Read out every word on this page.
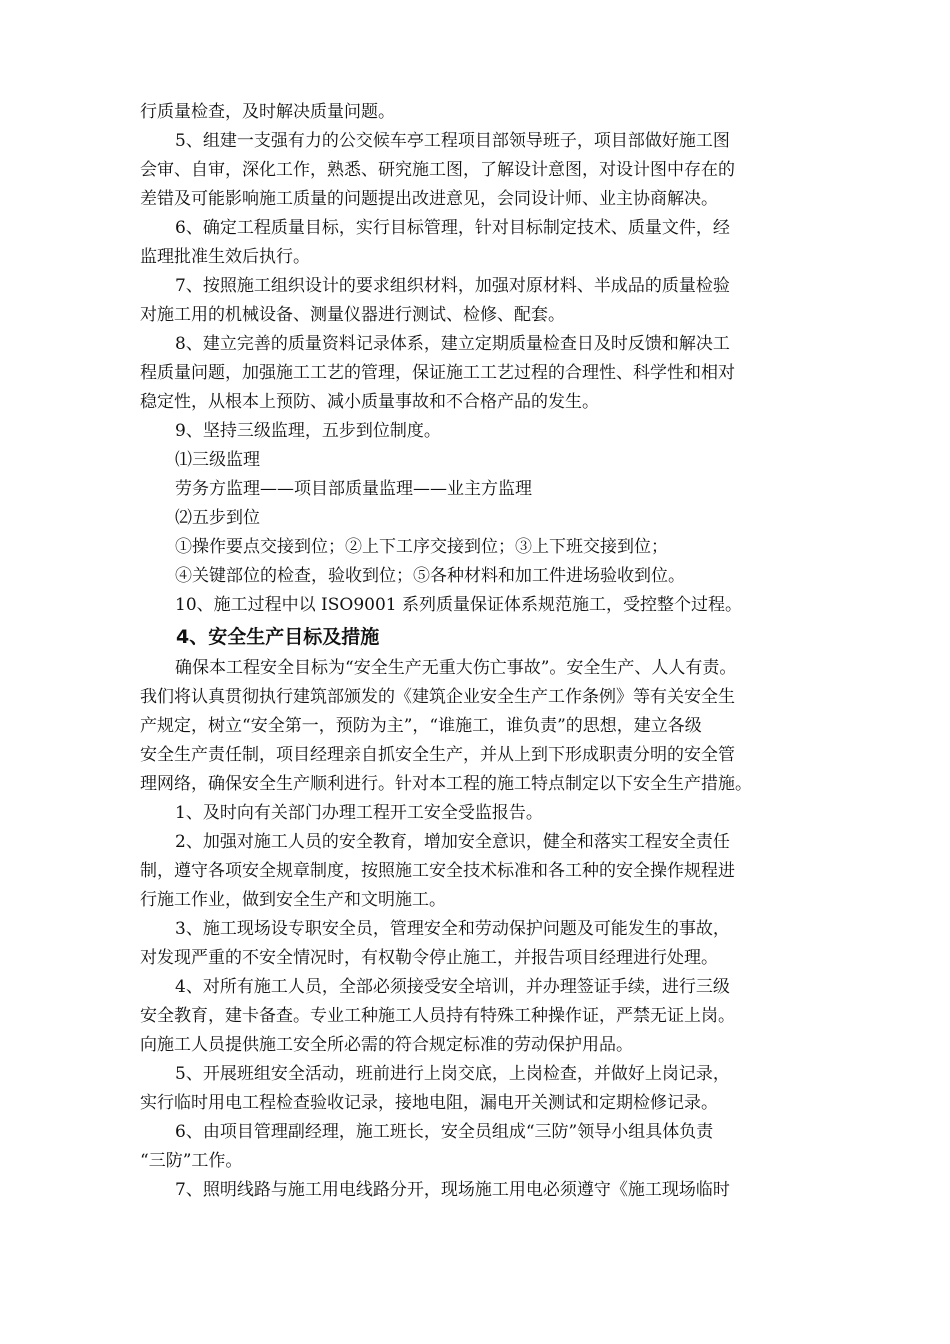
行质量检查，及时解决质量问题。
5、组建一支强有力的公交候车亭工程项目部领导班子，项目部做好施工图
会审、自审，深化工作，熟悉、研究施工图，了解设计意图，对设计图中存在的
差错及可能影响施工质量的问题提出改进意见，会同设计师、业主协商解决。
6、确定工程质量目标，实行目标管理，针对目标制定技术、质量文件，经
监理批准生效后执行。
7、按照施工组织设计的要求组织材料，加强对原材料、半成品的质量检验
对施工用的机械设备、测量仪器进行测试、检修、配套。
8、建立完善的质量资料记录体系，建立定期质量检查日及时反馈和解决工
程质量问题，加强施工工艺的管理，保证施工工艺过程的合理性、科学性和相对
稳定性，从根本上预防、减小质量事故和不合格产品的发生。
9、坚持三级监理，五步到位制度。
⑴三级监理
劳务方监理——项目部质量监理——业主方监理
⑵五步到位
①操作要点交接到位；②上下工序交接到位；③上下班交接到位；
④关键部位的检查，验收到位；⑤各种材料和加工件进场验收到位。
10、施工过程中以 ISO9001 系列质量保证体系规范施工，受控整个过程。
4、安全生产目标及措施
确保本工程安全目标为“安全生产无重大伤亡事故”。安全生产、人人有责。
我们将认真贯彻执行建筑部颁发的《建筑企业安全生产工作条例》等有关安全生
产规定，树立“安全第一，预防为主”，“谁施工，谁负责”的思想，建立各级
安全生产责任制，项目经理亲自抓安全生产，并从上到下形成职责分明的安全管
理网络，确保安全生产顺利进行。针对本工程的施工特点制定以下安全生产措施。
1、及时向有关部门办理工程开工安全受监报告。
2、加强对施工人员的安全教育，增加安全意识，健全和落实工程安全责任
制，遵守各项安全规章制度，按照施工安全技术标准和各工种的安全操作规程进
行施工作业，做到安全生产和文明施工。
3、施工现场设专职安全员，管理安全和劳动保护问题及可能发生的事故，
对发现严重的不安全情况时，有权勒令停止施工，并报告项目经理进行处理。
4、对所有施工人员，全部必须接受安全培训，并办理签证手续，进行三级
安全教育，建卡备查。专业工种施工人员持有特殊工种操作证，严禁无证上岗。
向施工人员提供施工安全所必需的符合规定标准的劳动保护用品。
5、开展班组安全活动，班前进行上岗交底，上岗检查，并做好上岗记录，
实行临时用电工程检查验收记录，接地电阻，漏电开关测试和定期检修记录。
6、由项目管理副经理，施工班长，安全员组成“三防”领导小组具体负责
“三防”工作。
7、照明线路与施工用电线路分开，现场施工用电必须遵守《施工现场临时
